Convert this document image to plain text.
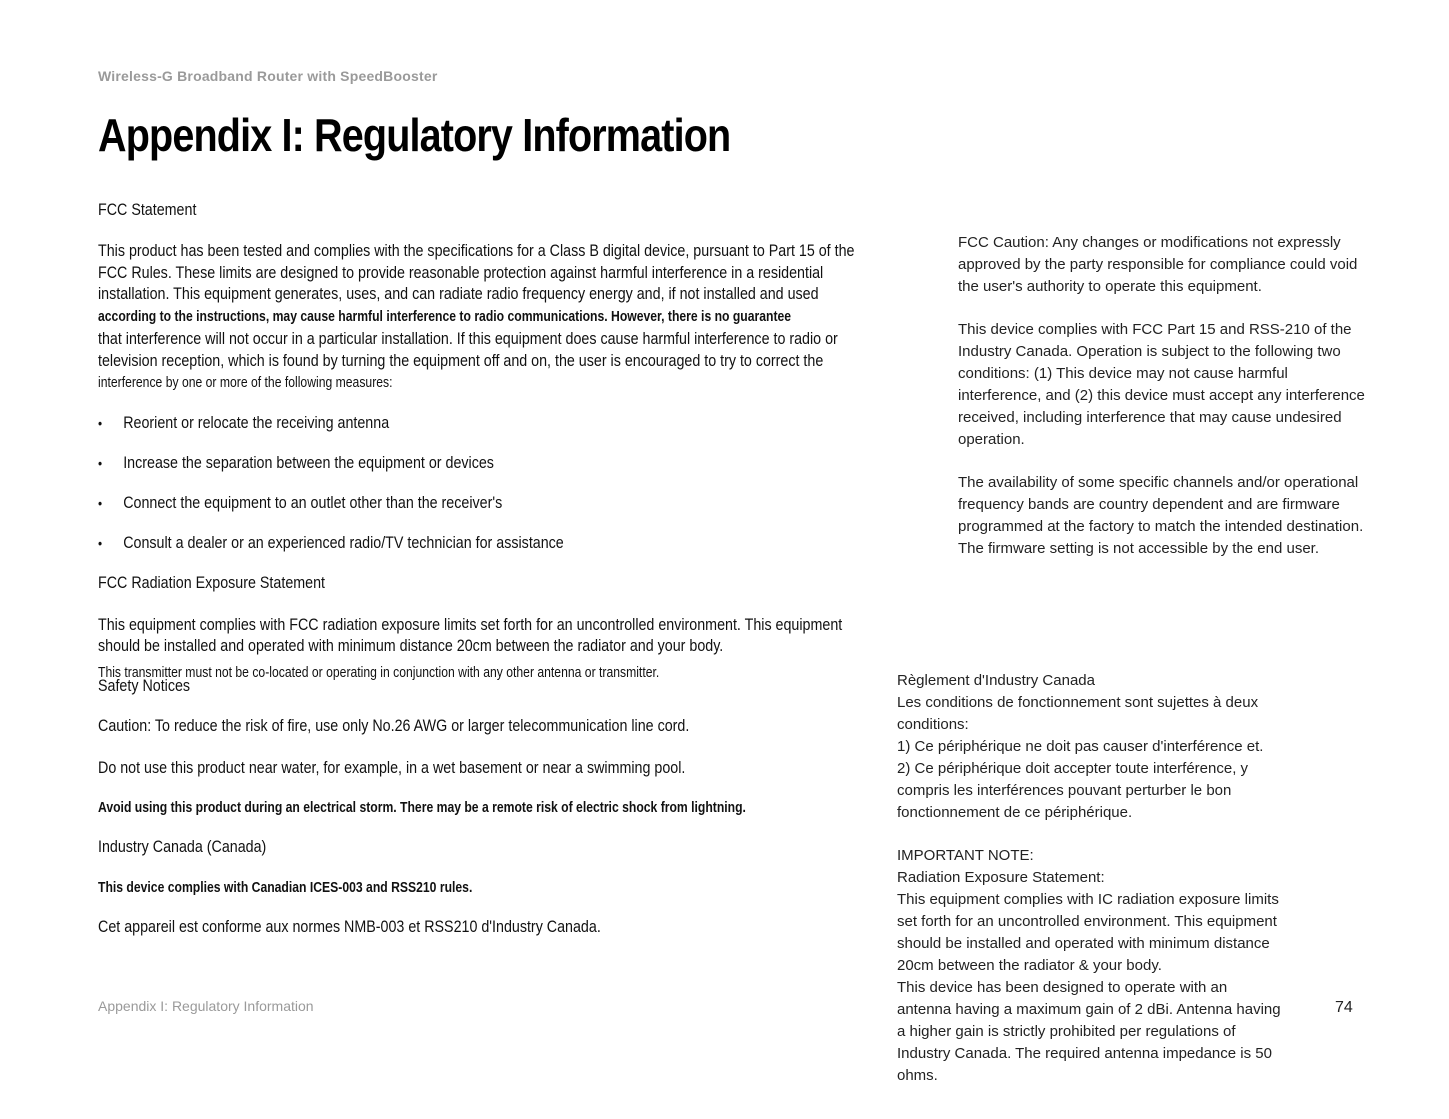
Wireless-G Broadband Router with SpeedBooster
Appendix I: Regulatory Information
FCC Statement
This product has been tested and complies with the specifications for a Class B digital device, pursuant to Part 15 of the
FCC Rules. These limits are designed to provide reasonable protection against harmful interference in a residential
installation. This equipment generates, uses, and can radiate radio frequency energy and, if not installed and used
according to the instructions, may cause harmful interference to radio communications. However, there is no guarantee
that interference will not occur in a particular installation. If this equipment does cause harmful interference to radio or
television reception, which is found by turning the equipment off and on, the user is encouraged to try to correct the
interference by one or more of the following measures:
• Reorient or relocate the receiving antenna
• Increase the separation between the equipment or devices
• Connect the equipment to an outlet other than the receiver's
• Consult a dealer or an experienced radio/TV technician for assistance
FCC Radiation Exposure Statement
This equipment complies with FCC radiation exposure limits set forth for an uncontrolled environment. This equipment
should be installed and operated with minimum distance 20cm between the radiator and your body.
This transmitter must not be co-located or operating in conjunction with any other antenna or transmitter.
Safety Notices
Caution: To reduce the risk of fire, use only No.26 AWG or larger telecommunication line cord.
Do not use this product near water, for example, in a wet basement or near a swimming pool.
Avoid using this product during an electrical storm. There may be a remote risk of electric shock from lightning.
Industry Canada (Canada)
This device complies with Canadian ICES-003 and RSS210 rules.
Cet appareil est conforme aux normes NMB-003 et RSS210 d'Industry Canada.

FCC Caution: Any changes or modifications not expressly

approved by the party responsible for compliance could void

the user's authority to operate this equipment.

This device complies with FCC Part 15 and RSS-210 of the

Industry Canada. Operation is subject to the following two

conditions: (1) This device may not cause harmful

interference, and (2) this device must accept any interference

received, including interference that may cause undesired

operation.

The availability of some specific channels and/or operational

frequency bands are country dependent and are firmware

programmed at the factory to match the intended destination.

The firmware setting is not accessible by the end user.

Règlement d'Industry Canada

Les conditions de fonctionnement sont sujettes à deux

conditions:

1) Ce périphérique ne doit pas causer d'interférence et.

2) Ce périphérique doit accepter toute interférence, y

compris les interférences pouvant perturber le bon

fonctionnement de ce périphérique.

IMPORTANT NOTE:

Radiation Exposure Statement:

This equipment complies with IC radiation exposure limits

set forth for an uncontrolled environment. This equipment

should be installed and operated with minimum distance

20cm between the radiator & your body.

This device has been designed to operate with an

antenna having a maximum gain of 2 dBi. Antenna having

a higher gain is strictly prohibited per regulations of

Industry Canada. The required antenna impedance is 50

ohms.

Appendix I: Regulatory Information	74
